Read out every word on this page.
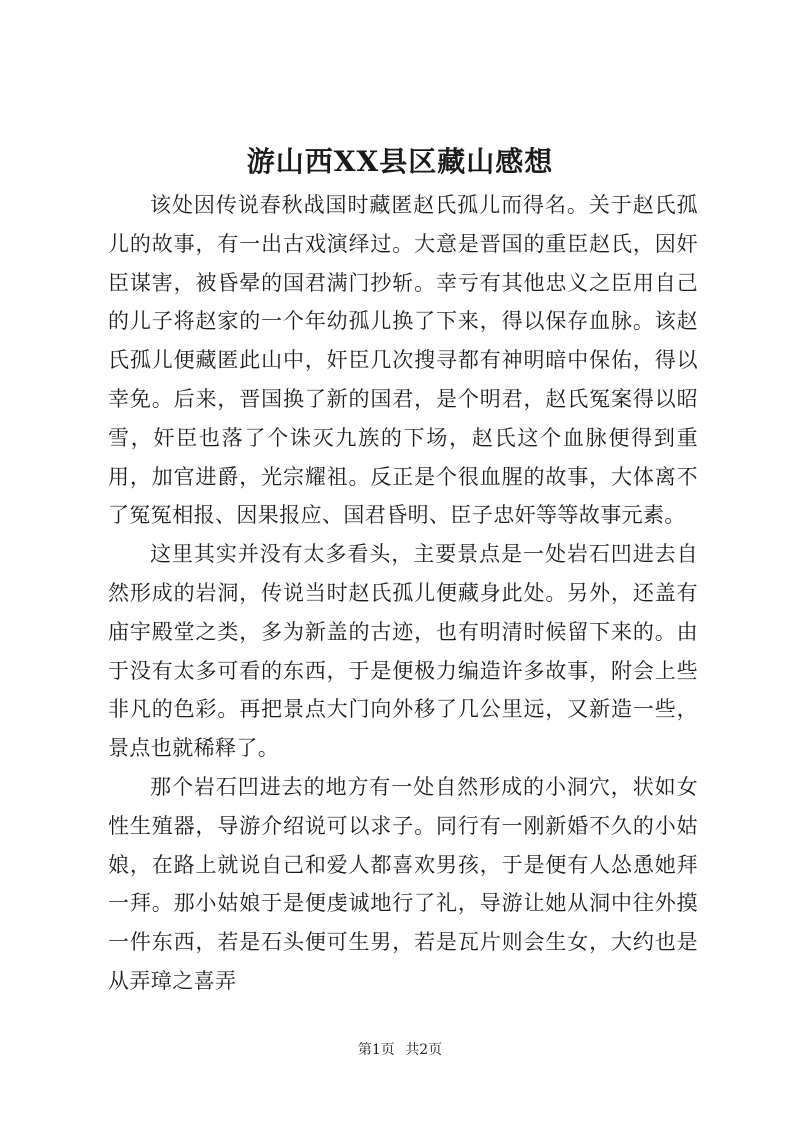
游山西XX县区藏山感想

该处因传说春秋战国时藏匿赵氏孤儿而得名。关于赵氏孤儿的故事，有一出古戏演绎过。大意是晋国的重臣赵氏，因奸臣谋害，被昏晕的国君满门抄斩。幸亏有其他忠义之臣用自己的儿子将赵家的一个年幼孤儿换了下来，得以保存血脉。该赵氏孤儿便藏匿此山中，奸臣几次搜寻都有神明暗中保佑，得以幸免。后来，晋国换了新的国君，是个明君，赵氏冤案得以昭雪，奸臣也落了个诛灭九族的下场，赵氏这个血脉便得到重用，加官进爵，光宗耀祖。反正是个很血腥的故事，大体离不了冤冤相报、因果报应、国君昏明、臣子忠奸等等故事元素。

这里其实并没有太多看头，主要景点是一处岩石凹进去自然形成的岩洞，传说当时赵氏孤儿便藏身此处。另外，还盖有庙宇殿堂之类，多为新盖的古迹，也有明清时候留下来的。由于没有太多可看的东西，于是便极力编造许多故事，附会上些非凡的色彩。再把景点大门向外移了几公里远，又新造一些，景点也就稀释了。

那个岩石凹进去的地方有一处自然形成的小洞穴，状如女性生殖器，导游介绍说可以求子。同行有一刚新婚不久的小姑娘，在路上就说自己和爱人都喜欢男孩，于是便有人怂恿她拜一拜。那小姑娘于是便虔诚地行了礼，导游让她从洞中往外摸一件东西，若是石头便可生男，若是瓦片则会生女，大约也是从弄璋之喜弄

第1页 共2页
